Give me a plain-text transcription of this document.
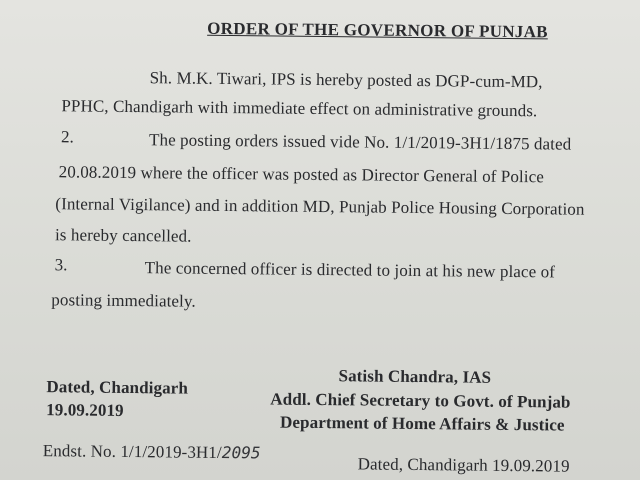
ORDER OF THE GOVERNOR OF PUNJAB
Sh. M.K. Tiwari, IPS is hereby posted as DGP-cum-MD,
PPHC, Chandigarh with immediate effect on administrative grounds.
2.	The posting orders issued vide No. 1/1/2019-3H1/1875 dated
20.08.2019 where the officer was posted as Director General of Police
(Internal Vigilance) and in addition MD, Punjab Police Housing Corporation
is hereby cancelled.
3.	The concerned officer is directed to join at his new place of
posting immediately.
Satish Chandra, IAS
Addl. Chief Secretary to Govt. of Punjab
Department of Home Affairs & Justice
Dated, Chandigarh
19.09.2019
Endst. No. 1/1/2019-3H1/2095
Dated, Chandigarh 19.09.2019
